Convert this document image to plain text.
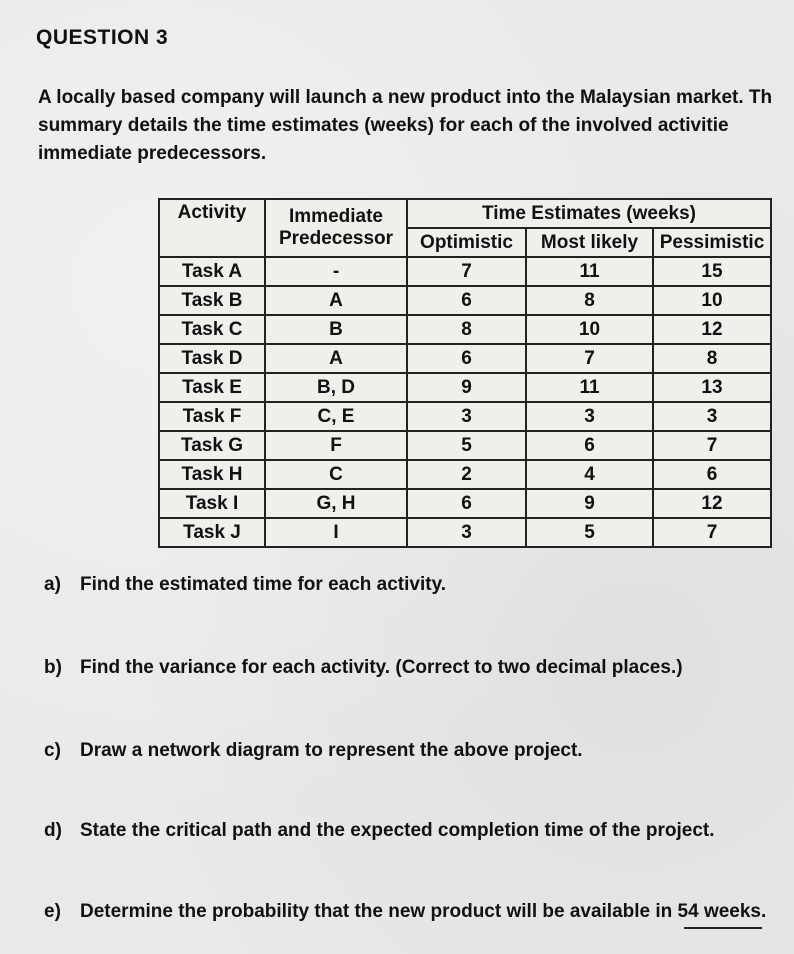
QUESTION 3
A locally based company will launch a new product into the Malaysian market. Th
summary details the time estimates (weeks) for each of the involved activitie
immediate predecessors.
Activity	Immediate Predecessor	Time Estimates (weeks)		
		Optimistic	Most likely	Pessimistic
Task A	-	7	11	15
Task B	A	6	8	10
Task C	B	8	10	12
Task D	A	6	7	8
Task E	B, D	9	11	13
Task F	C, E	3	3	3
Task G	F	5	6	7
Task H	C	2	4	6
Task I	G, H	6	9	12
Task J	I	3	5	7
a) Find the estimated time for each activity.
b) Find the variance for each activity. (Correct to two decimal places.)
c) Draw a network diagram to represent the above project.
d) State the critical path and the expected completion time of the project.
e) Determine the probability that the new product will be available in 54 weeks.
